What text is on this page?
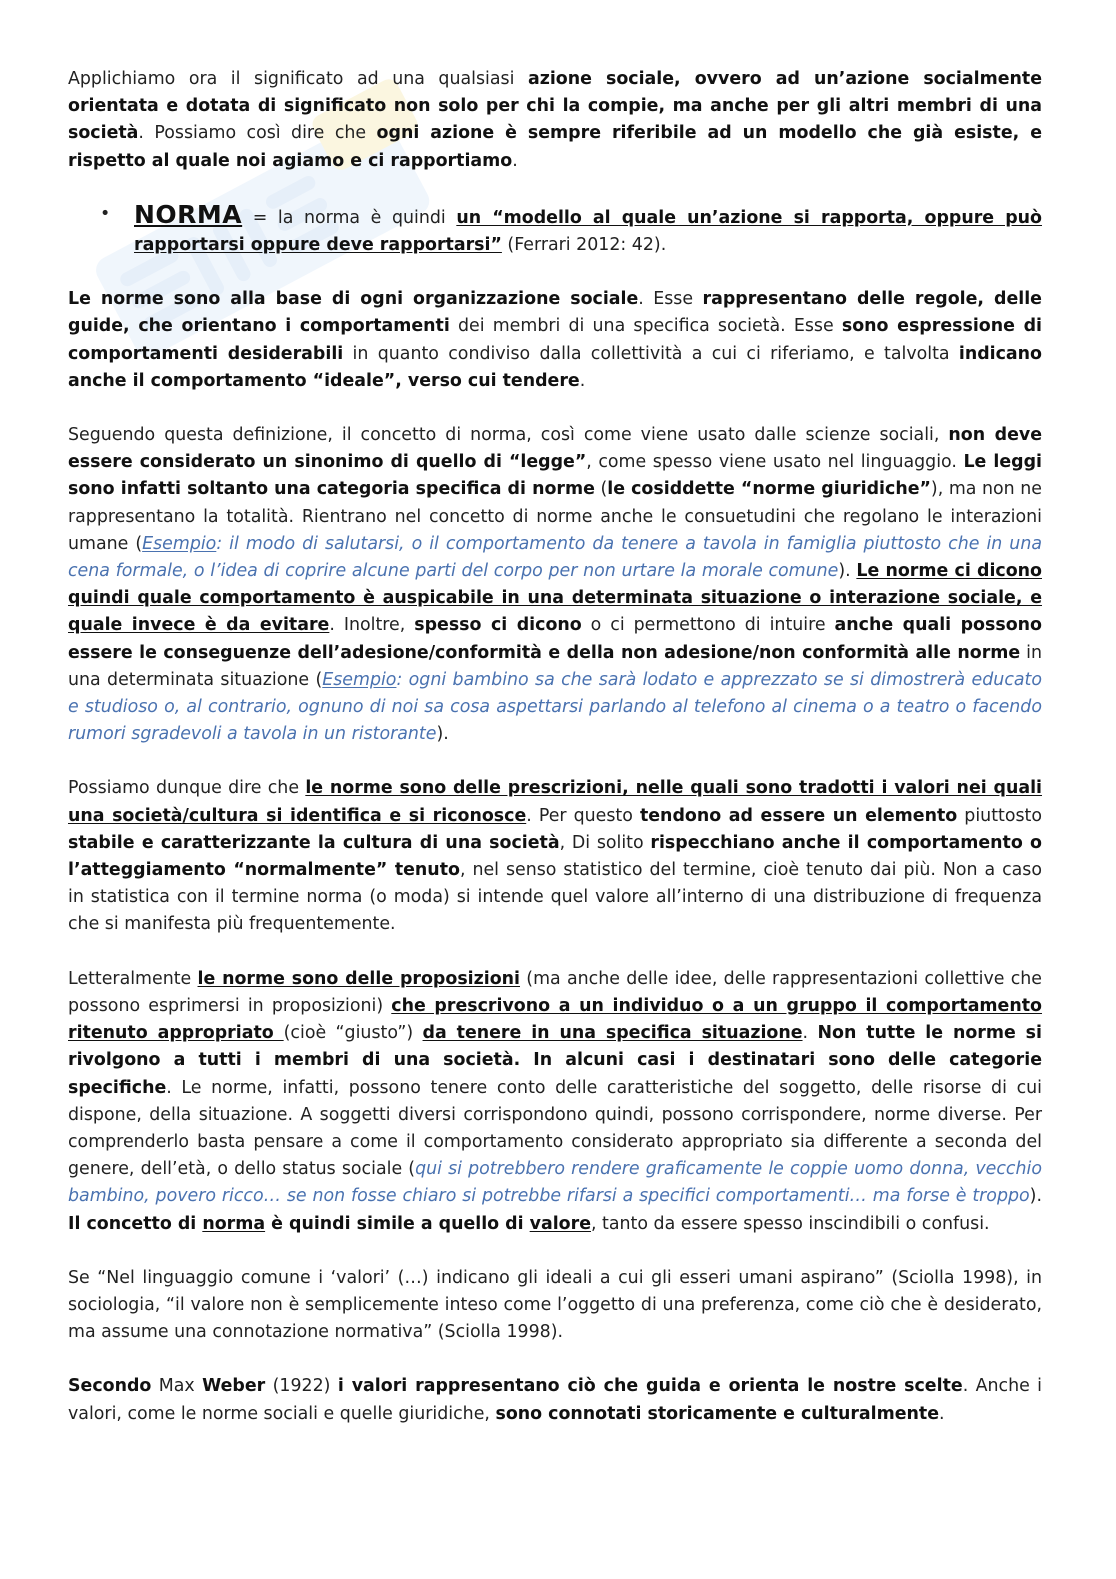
Applichiamo ora il significato ad una qualsiasi azione sociale, ovvero ad un’azione socialmente orientata e dotata di significato non solo per chi la compie, ma anche per gli altri membri di una società. Possiamo così dire che ogni azione è sempre riferibile ad un modello che già esiste, e rispetto al quale noi agiamo e ci rapportiamo.

• NORMA = la norma è quindi un “modello al quale un’azione si rapporta, oppure può rapportarsi oppure deve rapportarsi” (Ferrari 2012: 42).

Le norme sono alla base di ogni organizzazione sociale. Esse rappresentano delle regole, delle guide, che orientano i comportamenti dei membri di una specifica società. Esse sono espressione di comportamenti desiderabili in quanto condiviso dalla collettività a cui ci riferiamo, e talvolta indicano anche il comportamento “ideale”, verso cui tendere.

Seguendo questa definizione, il concetto di norma, così come viene usato dalle scienze sociali, non deve essere considerato un sinonimo di quello di “legge”, come spesso viene usato nel linguaggio. Le leggi sono infatti soltanto una categoria specifica di norme (le cosiddette “norme giuridiche”), ma non ne rappresentano la totalità. Rientrano nel concetto di norme anche le consuetudini che regolano le interazioni umane (Esempio: il modo di salutarsi, o il comportamento da tenere a tavola in famiglia piuttosto che in una cena formale, o l’idea di coprire alcune parti del corpo per non urtare la morale comune). Le norme ci dicono quindi quale comportamento è auspicabile in una determinata situazione o interazione sociale, e quale invece è da evitare. Inoltre, spesso ci dicono o ci permettono di intuire anche quali possono essere le conseguenze dell’adesione/conformità e della non adesione/non conformità alle norme in una determinata situazione (Esempio: ogni bambino sa che sarà lodato e apprezzato se si dimostrerà educato e studioso o, al contrario, ognuno di noi sa cosa aspettarsi parlando al telefono al cinema o a teatro o facendo rumori sgradevoli a tavola in un ristorante).

Possiamo dunque dire che le norme sono delle prescrizioni, nelle quali sono tradotti i valori nei quali una società/cultura si identifica e si riconosce. Per questo tendono ad essere un elemento piuttosto stabile e caratterizzante la cultura di una società, Di solito rispecchiano anche il comportamento o l’atteggiamento “normalmente” tenuto, nel senso statistico del termine, cioè tenuto dai più. Non a caso in statistica con il termine norma (o moda) si intende quel valore all’interno di una distribuzione di frequenza che si manifesta più frequentemente.

Letteralmente le norme sono delle proposizioni (ma anche delle idee, delle rappresentazioni collettive che possono esprimersi in proposizioni) che prescrivono a un individuo o a un gruppo il comportamento ritenuto appropriato (cioè “giusto”) da tenere in una specifica situazione. Non tutte le norme si rivolgono a tutti i membri di una società. In alcuni casi i destinatari sono delle categorie specifiche. Le norme, infatti, possono tenere conto delle caratteristiche del soggetto, delle risorse di cui dispone, della situazione. A soggetti diversi corrispondono quindi, possono corrispondere, norme diverse. Per comprenderlo basta pensare a come il comportamento considerato appropriato sia differente a seconda del genere, dell’età, o dello status sociale (qui si potrebbero rendere graficamente le coppie uomo donna, vecchio bambino, povero ricco… se non fosse chiaro si potrebbe rifarsi a specifici comportamenti… ma forse è troppo). Il concetto di norma è quindi simile a quello di valore, tanto da essere spesso inscindibili o confusi.

Se “Nel linguaggio comune i ‘valori’ (…) indicano gli ideali a cui gli esseri umani aspirano” (Sciolla 1998), in sociologia, “il valore non è semplicemente inteso come l’oggetto di una preferenza, come ciò che è desiderato, ma assume una connotazione normativa” (Sciolla 1998).

Secondo Max Weber (1922) i valori rappresentano ciò che guida e orienta le nostre scelte. Anche i valori, come le norme sociali e quelle giuridiche, sono connotati storicamente e culturalmente.
